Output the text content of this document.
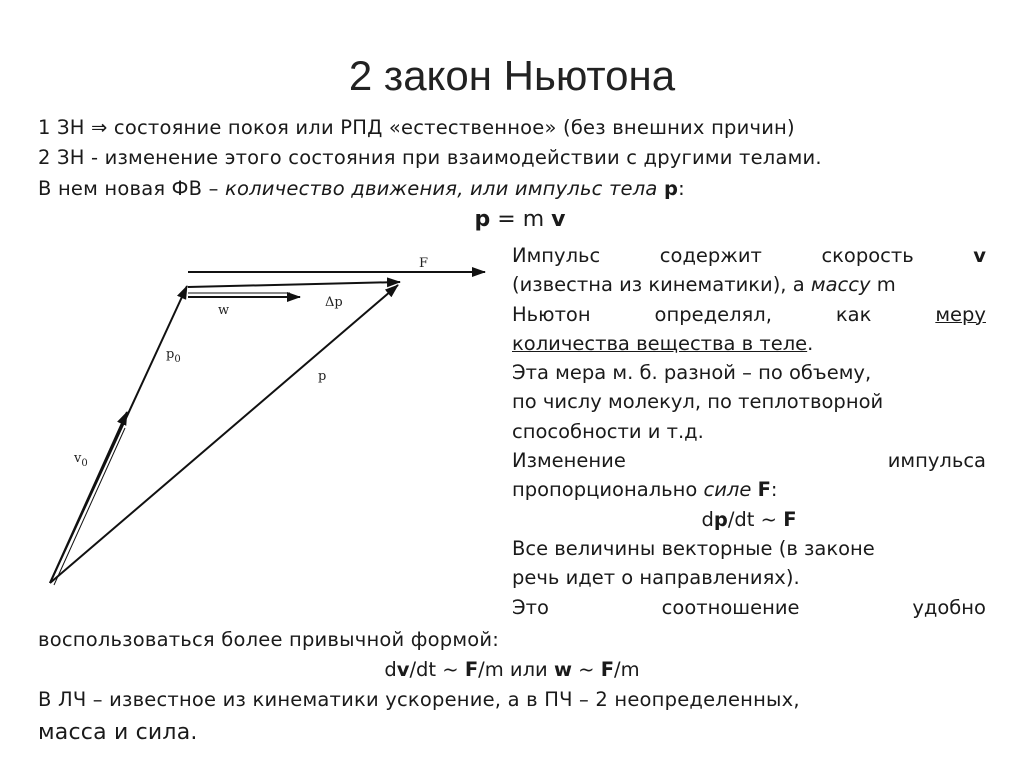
2 закон Ньютона
1 ЗН ⇒ состояние покоя или РПД «естественное» (без внешних причин)
2 ЗН - изменение этого состояния при взаимодействии с другими телами.
В нем новая ФВ – количество движения, или импульс тела p:
p = m v
F
w
Δp
$p_0$
p
$v_0$
Импульс	содержит	скорость	v
(известна из кинематики), а массу m
Ньютон	определял,	как	меру
количества вещества в теле.
Эта мера м. б. разной – по объему,
по числу молекул, по теплотворной
способности и т.д.
Изменение	импульса
пропорционально силе F:
dp/dt ~ F
Все величины векторные (в законе
речь идет о направлениях).
Это	соотношение	удобно
воспользоваться более привычной формой:
dv/dt ~ F/m или w ~ F/m
В ЛЧ – известное из кинематики ускорение, а в ПЧ – 2 неопределенных,
масса и сила.
